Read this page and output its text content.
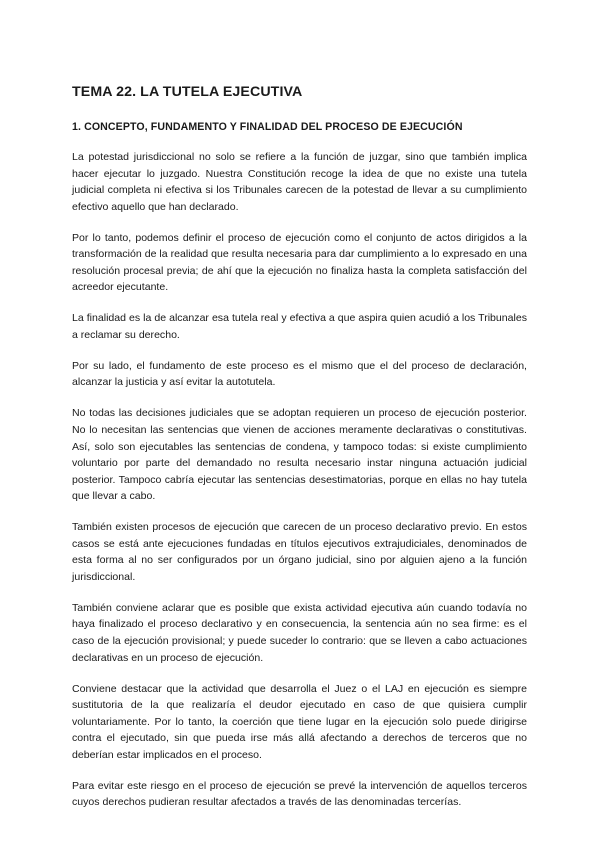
TEMA 22. LA TUTELA EJECUTIVA
1. CONCEPTO, FUNDAMENTO Y FINALIDAD DEL PROCESO DE EJECUCIÓN

La potestad jurisdiccional no solo se refiere a la función de juzgar, sino que también implica hacer ejecutar lo juzgado. Nuestra Constitución recoge la idea de que no existe una tutela judicial completa ni efectiva si los Tribunales carecen de la potestad de llevar a su cumplimiento efectivo aquello que han declarado.

Por lo tanto, podemos definir el proceso de ejecución como el conjunto de actos dirigidos a la transformación de la realidad que resulta necesaria para dar cumplimiento a lo expresado en una resolución procesal previa; de ahí que la ejecución no finaliza hasta la completa satisfacción del acreedor ejecutante.

La finalidad es la de alcanzar esa tutela real y efectiva a que aspira quien acudió a los Tribunales a reclamar su derecho.

Por su lado, el fundamento de este proceso es el mismo que el del proceso de declaración, alcanzar la justicia y así evitar la autotutela.

No todas las decisiones judiciales que se adoptan requieren un proceso de ejecución posterior. No lo necesitan las sentencias que vienen de acciones meramente declarativas o constitutivas. Así, solo son ejecutables las sentencias de condena, y tampoco todas: si existe cumplimiento voluntario por parte del demandado no resulta necesario instar ninguna actuación judicial posterior. Tampoco cabría ejecutar las sentencias desestimatorias, porque en ellas no hay tutela que llevar a cabo.

También existen procesos de ejecución que carecen de un proceso declarativo previo. En estos casos se está ante ejecuciones fundadas en títulos ejecutivos extrajudiciales, denominados de esta forma al no ser configurados por un órgano judicial, sino por alguien ajeno a la función jurisdiccional.

También conviene aclarar que es posible que exista actividad ejecutiva aún cuando todavía no haya finalizado el proceso declarativo y en consecuencia, la sentencia aún no sea firme: es el caso de la ejecución provisional; y puede suceder lo contrario: que se lleven a cabo actuaciones declarativas en un proceso de ejecución.

Conviene destacar que la actividad que desarrolla el Juez o el LAJ en ejecución es siempre sustitutoria de la que realizaría el deudor ejecutado en caso de que quisiera cumplir voluntariamente. Por lo tanto, la coerción que tiene lugar en la ejecución solo puede dirigirse contra el ejecutado, sin que pueda irse más allá afectando a derechos de terceros que no deberían estar implicados en el proceso.

Para evitar este riesgo en el proceso de ejecución se prevé la intervención de aquellos terceros cuyos derechos pudieran resultar afectados a través de las denominadas tercerías.
